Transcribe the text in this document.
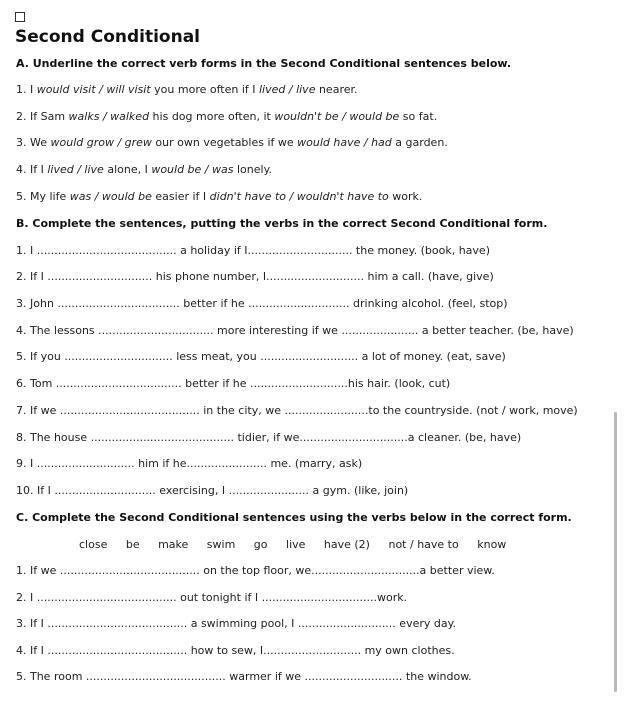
Second Conditional
A. Underline the correct verb forms in the Second Conditional sentences below.
1. I would visit / will visit you more often if I lived / live nearer.
2. If Sam walks / walked his dog more often, it wouldn't be / would be so fat.
3. We would grow / grew our own vegetables if we would have / had a garden.
4. If I lived / live alone, I would be / was lonely.
5. My life was / would be easier if I didn't have to / wouldn't have to work.
B. Complete the sentences, putting the verbs in the correct Second Conditional form.
1. I ........................................ a holiday if I.............................. the money. (book, have)
2. If I .............................. his phone number, I............................ him a call. (have, give)
3. John ................................... better if he ............................. drinking alcohol. (feel, stop)
4. The lessons ................................. more interesting if we ...................... a better teacher. (be, have)
5. If you ............................... less meat, you ............................ a lot of money. (eat, save)
6. Tom .................................... better if he ............................his hair. (look, cut)
7. If we ........................................ in the city, we ........................to the countryside. (not / work, move)
8. The house ......................................... tidier, if we...............................a cleaner. (be, have)
9. I ............................ him if he....................... me. (marry, ask)
10. If I ............................. exercising, I ....................... a gym. (like, join)
C. Complete the Second Conditional sentences using the verbs below in the correct form.
close be make swim go live have (2) not / have to know
1. If we ........................................ on the top floor, we...............................a better view.
2. I ........................................ out tonight if I .................................work.
3. If I ........................................ a swimming pool, I ............................ every day.
4. If I ........................................ how to sew, I............................ my own clothes.
5. The room ........................................ warmer if we ............................ the window.
